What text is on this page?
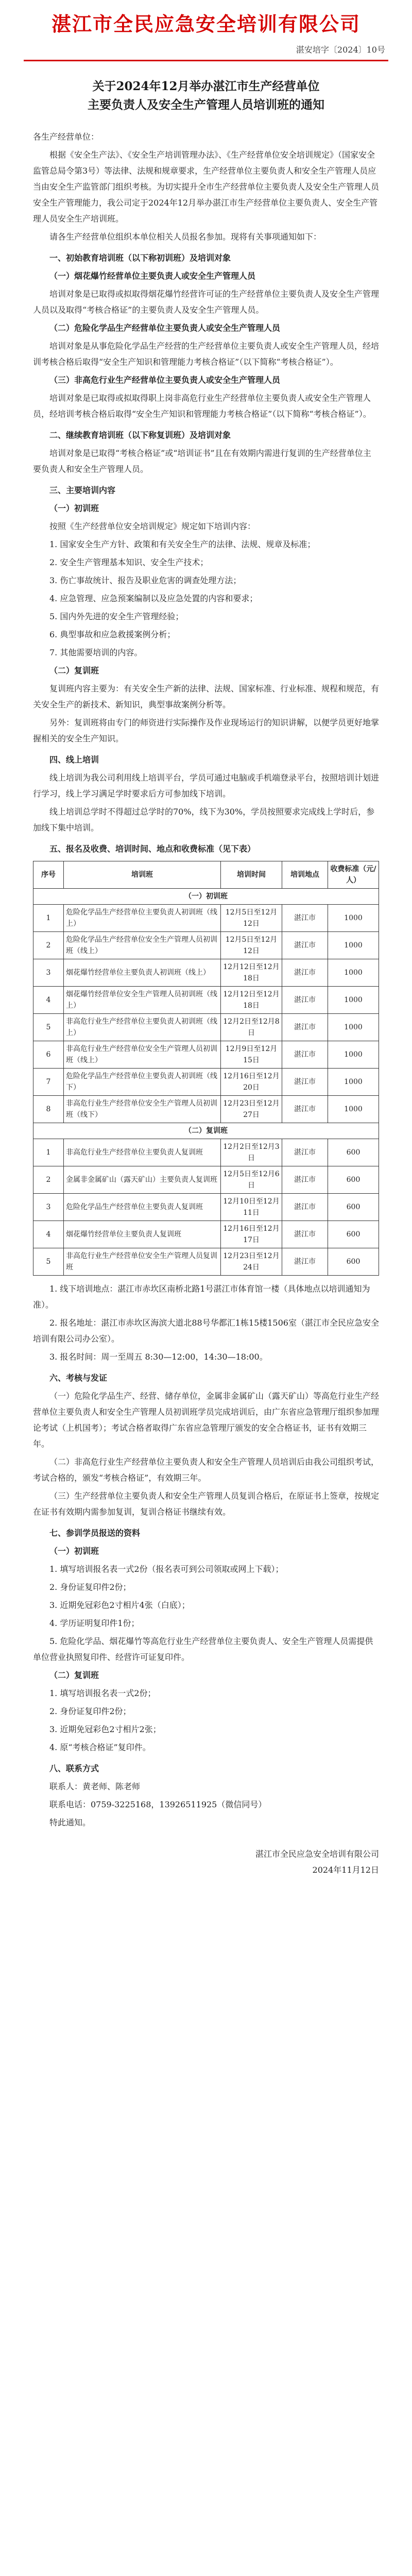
湛江市全民应急安全培训有限公司
湛安培字〔2024〕10号
关于2024年12月举办湛江市生产经营单位
主要负责人及安全生产管理人员培训班的通知

各生产经营单位：

根据《安全生产法》、《安全生产培训管理办法》、《生产经营单位安全培训规定》（国家安全监管总局令第3号）等法律、法规和规章要求，生产经营单位主要负责人和安全生产管理人员应当由安全生产监管部门组织考核。为切实提升全市生产经营单位主要负责人及安全生产管理人员安全生产管理能力，我公司定于2024年12月举办湛江市生产经营单位主要负责人、安全生产管理人员安全生产培训班。

请各生产经营单位组织本单位相关人员报名参加。现将有关事项通知如下：

一、初始教育培训班（以下称初训班）及培训对象

（一）烟花爆竹经营单位主要负责人或安全生产管理人员

培训对象是已取得或拟取得烟花爆竹经营许可证的生产经营单位主要负责人及安全生产管理人员以及取得“考核合格证”的主要负责人及安全生产管理人员。

（二）危险化学品生产经营单位主要负责人或安全生产管理人员

培训对象是从事危险化学品生产经营的生产经营单位主要负责人或安全生产管理人员，经培训考核合格后取得“安全生产知识和管理能力考核合格证”（以下简称“考核合格证”）。

（三）非高危行业生产经营单位主要负责人或安全生产管理人员

培训对象是已取得或拟取得职上岗非高危行业生产经营单位主要负责人或安全生产管理人员，经培训考核合格后取得“安全生产知识和管理能力考核合格证”（以下简称“考核合格证”）。

二、继续教育培训班（以下称复训班）及培训对象

培训对象是已取得“考核合格证”或“培训证书”且在有效期内需进行复训的生产经营单位主要负责人和安全生产管理人员。

三、主要培训内容

（一）初训班

按照《生产经营单位安全培训规定》规定如下培训内容：

1. 国家安全生产方针、政策和有关安全生产的法律、法规、规章及标准；

2. 安全生产管理基本知识、安全生产技术；

3. 伤亡事故统计、报告及职业危害的调查处理方法；

4. 应急管理、应急预案编制以及应急处置的内容和要求；

5. 国内外先进的安全生产管理经验；

6. 典型事故和应急救援案例分析；

7. 其他需要培训的内容。

（二）复训班

复训班内容主要为：有关安全生产新的法律、法规、国家标准、行业标准、规程和规范，有关安全生产的新技术、新知识，典型事故案例分析等。

另外：复训班将由专门的师资进行实际操作及作业现场运行的知识讲解，以便学员更好地掌握相关的安全生产知识。

四、线上培训

线上培训为我公司利用线上培训平台，学员可通过电脑或手机端登录平台，按照培训计划进行学习，线上学习满足学时要求后方可参加线下培训。

线上培训总学时不得超过总学时的70%，线下为30%，学员按照要求完成线上学时后，参加线下集中培训。

五、报名及收费、培训时间、地点和收费标准（见下表）

序号	培训班	培训时间	培训地点	收费标准（元/人）
（一）初训班				
1	危险化学品生产经营单位主要负责人初训班（线上）	12月5日至12月12日	湛江市	1000
2	危险化学品生产经营单位安全生产管理人员初训班（线上）	12月5日至12月12日	湛江市	1000
3	烟花爆竹经营单位主要负责人初训班（线上）	12月12日至12月18日	湛江市	1000
4	烟花爆竹经营单位安全生产管理人员初训班（线上）	12月12日至12月18日	湛江市	1000
5	非高危行业生产经营单位主要负责人初训班（线上）	12月2日至12月8日	湛江市	1000
6	非高危行业生产经营单位安全生产管理人员初训班（线上）	12月9日至12月15日	湛江市	1000
7	危险化学品生产经营单位主要负责人初训班（线下）	12月16日至12月20日	湛江市	1000
8	非高危行业生产经营单位安全生产管理人员初训班（线下）	12月23日至12月27日	湛江市	1000
（二）复训班				
1	非高危行业生产经营单位主要负责人复训班	12月2日至12月3日	湛江市	600
2	金属非金属矿山（露天矿山）主要负责人复训班	12月5日至12月6日	湛江市	600
3	危险化学品生产经营单位主要负责人复训班	12月10日至12月11日	湛江市	600
4	烟花爆竹经营单位主要负责人复训班	12月16日至12月17日	湛江市	600
5	非高危行业生产经营单位安全生产管理人员复训班	12月23日至12月24日	湛江市	600

1. 线下培训地点：湛江市赤坎区南桥北路1号湛江市体育馆一楼（具体地点以培训通知为准）。

2. 报名地址：湛江市赤坎区海滨大道北88号华都汇1栋15楼1506室（湛江市全民应急安全培训有限公司办公室）。

3. 报名时间：周一至周五 8:30—12:00，14:30—18:00。

六、考核与发证

（一）危险化学品生产、经营、储存单位，金属非金属矿山（露天矿山）等高危行业生产经营单位主要负责人和安全生产管理人员初训班学员完成培训后，由广东省应急管理厅组织参加理论考试（上机国考）；考试合格者取得广东省应急管理厅颁发的安全合格证书，证书有效期三年。

（二）非高危行业生产经营单位主要负责人和安全生产管理人员培训后由我公司组织考试，考试合格的，颁发“考核合格证”，有效期三年。

（三）生产经营单位主要负责人和安全生产管理人员复训合格后，在原证书上签章，按规定在证书有效期内需参加复训，复训合格证书继续有效。

七、参训学员报送的资料

（一）初训班

1. 填写培训报名表一式2份（报名表可到公司领取或网上下载）；

2. 身份证复印件2份；

3. 近期免冠彩色2寸相片4张（白底）；

4. 学历证明复印件1份；

5. 危险化学品、烟花爆竹等高危行业生产经营单位主要负责人、安全生产管理人员需提供单位营业执照复印件、经营许可证复印件。

（二）复训班

1. 填写培训报名表一式2份；

2. 身份证复印件2份；

3. 近期免冠彩色2寸相片2张；

4. 原“考核合格证”复印件。

八、联系方式

联系人：黄老师、陈老师

联系电话：0759-3225168，13926511925（微信同号）

特此通知。

湛江市全民应急安全培训有限公司
2024年11月12日
